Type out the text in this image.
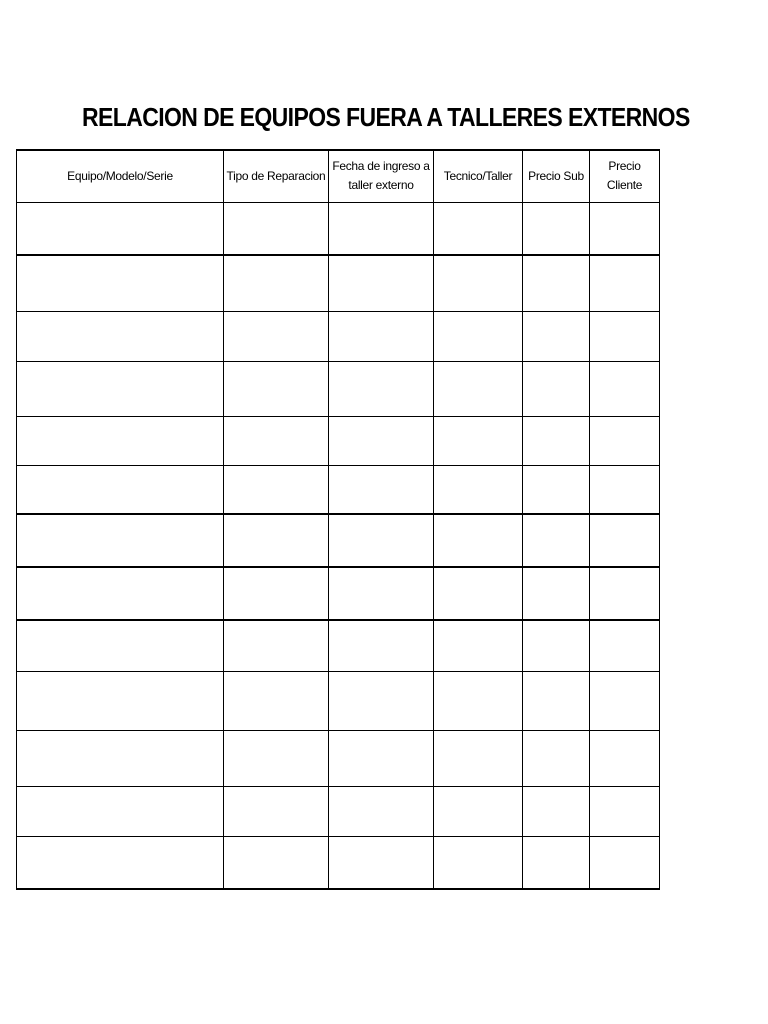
RELACION DE EQUIPOS FUERA A TALLERES EXTERNOS
Equipo/Modelo/Serie	Tipo de Reparacion	Fecha de ingreso a taller externo	Tecnico/Taller	Precio Sub	Precio Cliente
